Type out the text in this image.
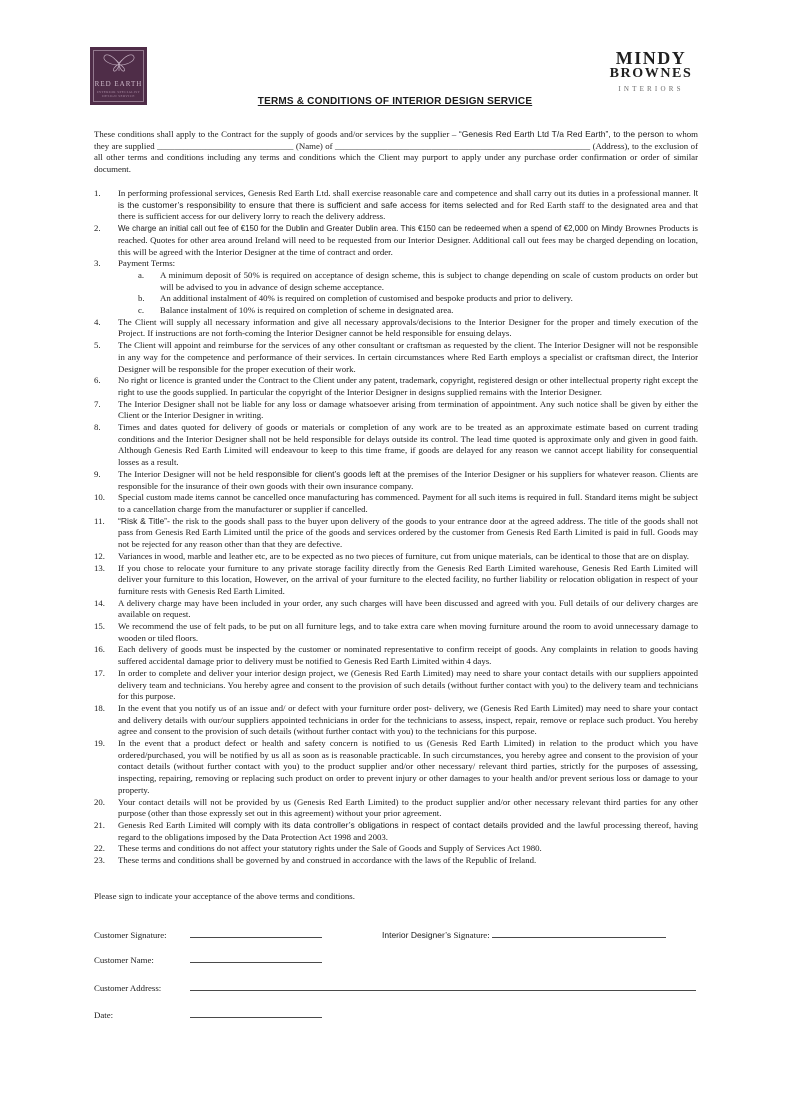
RED EARTH
INTERIOR SPECIALIST
DESIGN SERVICE
MINDY
BROWNES
INTERIORS
TERMS & CONDITIONS OF INTERIOR DESIGN SERVICE

These conditions shall apply to the Contract for the supply of goods and/or services by the supplier – “Genesis Red Earth Ltd T/a Red Earth”, to the person to whom they are supplied _______________________________ (Name) of __________________________________________________________ (Address), to the exclusion of all other terms and conditions including any terms and conditions which the Client may purport to apply under any purchase order confirmation or order of similar document.

1.	In performing professional services, Genesis Red Earth Ltd. shall exercise reasonable care and competence and shall carry out its duties in a professional manner. It is the customer’s responsibility to ensure that there is sufficient and safe access for items selected and for Red Earth staff to the designated area and that there is sufficient access for our delivery lorry to reach the delivery address.
2.	We charge an initial call out fee of €150 for the Dublin and Greater Dublin area. This €150 can be redeemed when a spend of €2,000 on Mindy Brownes Products is reached. Quotes for other area around Ireland will need to be requested from our Interior Designer. Additional call out fees may be charged depending on location, this will be agreed with the Interior Designer at the time of contract and order.
3.	Payment Terms:
a.	A minimum deposit of 50% is required on acceptance of design scheme, this is subject to change depending on scale of custom products on order but will be advised to you in advance of design scheme acceptance.
b.	An additional instalment of 40% is required on completion of customised and bespoke products and prior to delivery.
c.	Balance instalment of 10% is required on completion of scheme in designated area.
4.	The Client will supply all necessary information and give all necessary approvals/decisions to the Interior Designer for the proper and timely execution of the Project. If instructions are not forth-coming the Interior Designer cannot be held responsible for ensuing delays.
5.	The Client will appoint and reimburse for the services of any other consultant or craftsman as requested by the client. The Interior Designer will not be responsible in any way for the competence and performance of their services. In certain circumstances where Red Earth employs a specialist or craftsman direct, the Interior Designer will be responsible for the proper execution of their work.
6.	No right or licence is granted under the Contract to the Client under any patent, trademark, copyright, registered design or other intellectual property right except the right to use the goods supplied. In particular the copyright of the Interior Designer in designs supplied remains with the Interior Designer.
7.	The Interior Designer shall not be liable for any loss or damage whatsoever arising from termination of appointment. Any such notice shall be given by either the Client or the Interior Designer in writing.
8.	Times and dates quoted for delivery of goods or materials or completion of any work are to be treated as an approximate estimate based on current trading conditions and the Interior Designer shall not be held responsible for delays outside its control. The lead time quoted is approximate only and given in good faith. Although Genesis Red Earth Limited will endeavour to keep to this time frame, if goods are delayed for any reason we cannot accept liability for consequential losses as a result.
9.	The Interior Designer will not be held responsible for client’s goods left at the premises of the Interior Designer or his suppliers for whatever reason. Clients are responsible for the insurance of their own goods with their own insurance company.
10.	Special custom made items cannot be cancelled once manufacturing has commenced. Payment for all such items is required in full. Standard items might be subject to a cancellation charge from the manufacturer or supplier if cancelled.
11.	“Risk & Title”- the risk to the goods shall pass to the buyer upon delivery of the goods to your entrance door at the agreed address. The title of the goods shall not pass from Genesis Red Earth Limited until the price of the goods and services ordered by the customer from Genesis Red Earth Limited is paid in full. Goods may not be rejected for any reason other than that they are defective.
12.	Variances in wood, marble and leather etc, are to be expected as no two pieces of furniture, cut from unique materials, can be identical to those that are on display.
13.	If you chose to relocate your furniture to any private storage facility directly from the Genesis Red Earth Limited warehouse, Genesis Red Earth Limited will deliver your furniture to this location, However, on the arrival of your furniture to the elected facility, no further liability or relocation obligation in respect of your furniture rests with Genesis Red Earth Limited.
14.	A delivery charge may have been included in your order, any such charges will have been discussed and agreed with you. Full details of our delivery charges are available on request.
15.	We recommend the use of felt pads, to be put on all furniture legs, and to take extra care when moving furniture around the room to avoid unnecessary damage to wooden or tiled floors.
16.	Each delivery of goods must be inspected by the customer or nominated representative to confirm receipt of goods. Any complaints in relation to goods having suffered accidental damage prior to delivery must be notified to Genesis Red Earth Limited within 4 days.
17.	In order to complete and deliver your interior design project, we (Genesis Red Earth Limited) may need to share your contact details with our suppliers appointed delivery team and technicians. You hereby agree and consent to the provision of such details (without further contact with you) to the delivery team and technicians for this purpose.
18.	In the event that you notify us of an issue and/ or defect with your furniture order post- delivery, we (Genesis Red Earth Limited) may need to share your contact and delivery details with our/our suppliers appointed technicians in order for the technicians to assess, inspect, repair, remove or replace such product. You hereby agree and consent to the provision of such details (without further contact with you) to the technicians for this purpose.
19.	In the event that a product defect or health and safety concern is notified to us (Genesis Red Earth Limited) in relation to the product which you have ordered/purchased, you will be notified by us all as soon as is reasonable practicable. In such circumstances, you hereby agree and consent to the provision of your contact details (without further contact with you) to the product supplier and/or other necessary/ relevant third parties, strictly for the purposes of assessing, inspecting, repairing, removing or replacing such product on order to prevent injury or other damages to your health and/or prevent serious loss or damage to your property.
20.	Your contact details will not be provided by us (Genesis Red Earth Limited) to the product supplier and/or other necessary relevant third parties for any other purpose (other than those expressly set out in this agreement) without your prior agreement.
21.	Genesis Red Earth Limited will comply with its data controller’s obligations in respect of contact details provided and the lawful processing thereof, having regard to the obligations imposed by the Data Protection Act 1998 and 2003.
22.	These terms and conditions do not affect your statutory rights under the Sale of Goods and Supply of Services Act 1980.
23.	These terms and conditions shall be governed by and construed in accordance with the laws of the Republic of Ireland.

Please sign to indicate your acceptance of the above terms and conditions.

Customer Signature:	Interior Designer’s Signature:
Customer Name:
Customer Address:
Date:
